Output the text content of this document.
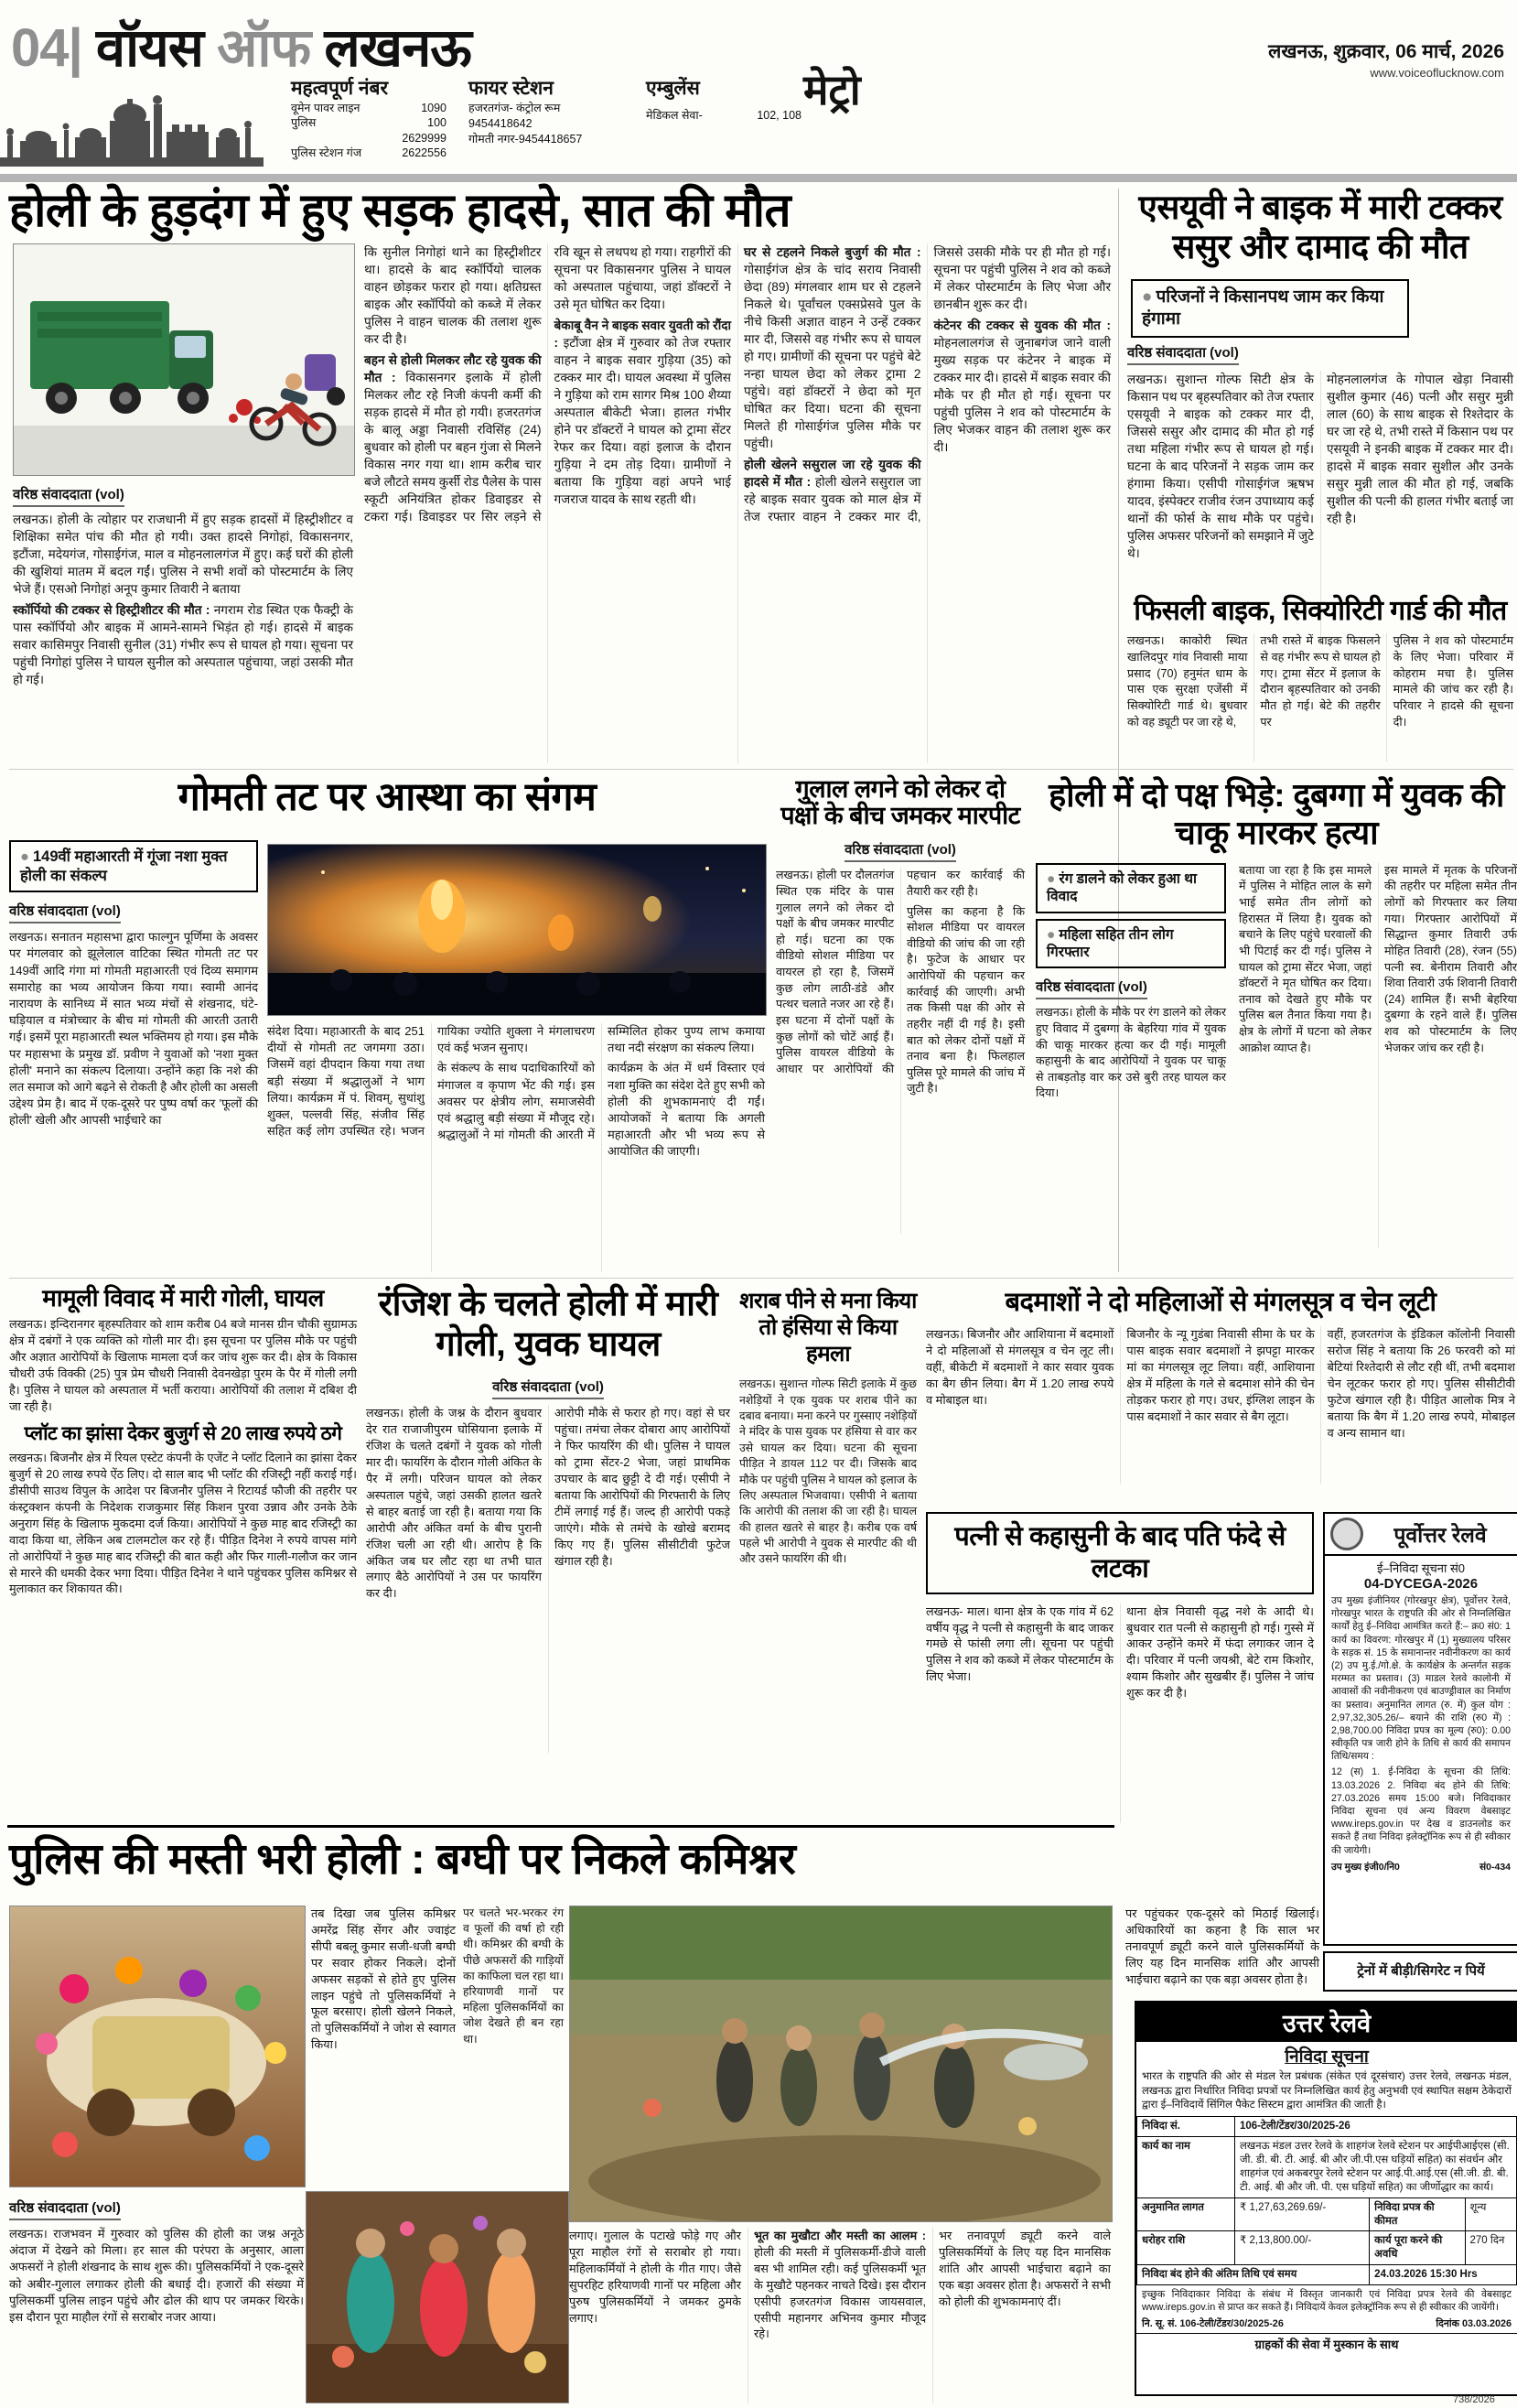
04| वॉयस ऑफ लखनऊ
महत्वपूर्ण नंबर
वूमेन पावर लाइन	1090
पुलिस	100
2629999
पुलिस स्टेशन गंज	2622556
फायर स्टेशन
हजरतगंज- कंट्रोल रूम
9454418642
गोमती नगर-9454418657
एम्बुलेंस
मेडिकल सेवा-	102, 108
मेट्रो
लखनऊ, शुक्रवार, 06 मार्च, 2026
www.voiceoflucknow.com
होली के हुड़दंग में हुए सड़क हादसे, सात की मौत
वरिष्ठ संवाददाता (vol)

लखनऊ। होली के त्योहार पर राजधानी में हुए सड़क हादसों में हिस्ट्रीशीटर व शिक्षिका समेत पांच की मौत हो गयी। उक्त हादसे निगोहां, विकासनगर, इटौंजा, मदेयगंज, गोसाईगंज, माल व मोहनलालगंज में हुए। कई घरों की होली की खुशियां मातम में बदल गईं। पुलिस ने सभी शवों को पोस्टमार्टम के लिए भेजे हैं। एसओ निगोहां अनूप कुमार तिवारी ने बताया

स्कॉर्पियो की टक्कर से हिस्ट्रीशीटर की मौत : नगराम रोड स्थित एक फैक्ट्री के पास स्कॉर्पियो और बाइक में आमने-सामने भिड़ंत हो गई। हादसे में बाइक सवार कासिमपुर निवासी सुनील (31) गंभीर रूप से घायल हो गया। सूचना पर पहुंची निगोहां पुलिस ने घायल सुनील को अस्पताल पहुंचाया, जहां उसकी मौत हो गई।

कि सुनील निगोहां थाने का हिस्ट्रीशीटर था। हादसे के बाद स्कॉर्पियो चालक वाहन छोड़कर फरार हो गया। क्षतिग्रस्त बाइक और स्कॉर्पियो को कब्जे में लेकर पुलिस ने वाहन चालक की तलाश शुरू कर दी है।

बहन से होली मिलकर लौट रहे युवक की मौत : विकासनगर इलाके में होली मिलकर लौट रहे निजी कंपनी कर्मी की सड़क हादसे में मौत हो गयी। हजरतगंज के बालू अड्डा निवासी रविसिंह (24) बुधवार को होली पर बहन गुंजा से मिलने विकास नगर गया था। शाम करीब चार बजे लौटते समय कुर्सी रोड पैलेस के पास स्कूटी अनियंत्रित होकर डिवाइडर से टकरा गई। डिवाइडर पर सिर लड़ने से रवि खून से लथपथ हो गया। राहगीरों की सूचना पर विकासनगर पुलिस ने घायल को अस्पताल पहुंचाया, जहां डॉक्टरों ने उसे मृत घोषित कर दिया।

बेकाबू वैन ने बाइक सवार युवती को रौंदा : इटौंजा क्षेत्र में गुरुवार को तेज रफ्तार वाहन ने बाइक सवार गुड़िया (35) को टक्कर मार दी। घायल अवस्था में पुलिस ने गुड़िया को राम सागर मिश्र 100 शैय्या अस्पताल बीकेटी भेजा। हालत गंभीर होने पर डॉक्टरों ने घायल को ट्रामा सेंटर रेफर कर दिया। वहां इलाज के दौरान गुड़िया ने दम तोड़ दिया। ग्रामीणों ने बताया कि गुड़िया वहां अपने भाई गजराज यादव के साथ रहती थी।

घर से टहलने निकले बुजुर्ग की मौत : गोसाईगंज क्षेत्र के चांद सराय निवासी छेदा (89) मंगलवार शाम घर से टहलने निकले थे। पूर्वांचल एक्सप्रेसवे पुल के नीचे किसी अज्ञात वाहन ने उन्हें टक्कर मार दी, जिससे वह गंभीर रूप से घायल हो गए। ग्रामीणों की सूचना पर पहुंचे बेटे नन्हा घायल छेदा को लेकर ट्रामा 2 पहुंचे। वहां डॉक्टरों ने छेदा को मृत घोषित कर दिया। घटना की सूचना मिलते ही गोसाईगंज पुलिस मौके पर पहुंची।

होली खेलने ससुराल जा रहे युवक की हादसे में मौत : होली खेलने ससुराल जा रहे बाइक सवार युवक को माल क्षेत्र में तेज रफ्तार वाहन ने टक्कर मार दी, जिससे उसकी मौके पर ही मौत हो गई। सूचना पर पहुंची पुलिस ने शव को कब्जे में लेकर पोस्टमार्टम के लिए भेजा और छानबीन शुरू कर दी।

कंटेनर की टक्कर से युवक की मौत : मोहनलालगंज से जुनाबगंज जाने वाली मुख्य सड़क पर कंटेनर ने बाइक में टक्कर मार दी। हादसे में बाइक सवार की मौके पर ही मौत हो गई। सूचना पर पहुंची पुलिस ने शव को पोस्टमार्टम के लिए भेजकर वाहन की तलाश शुरू कर दी।

एसयूवी ने बाइक में मारी टक्कर ससुर और दामाद की मौत
● परिजनों ने किसानपथ जाम कर किया हंगामा
वरिष्ठ संवाददाता (vol)

लखनऊ। सुशान्त गोल्फ सिटी क्षेत्र के किसान पथ पर बृहस्पतिवार को तेज रफ्तार एसयूवी ने बाइक को टक्कर मार दी, जिससे ससुर और दामाद की मौत हो गई तथा महिला गंभीर रूप से घायल हो गई। घटना के बाद परिजनों ने सड़क जाम कर हंगामा किया। एसीपी गोसाईगंज ऋषभ यादव, इंस्पेक्टर राजीव रंजन उपाध्याय कई थानों की फोर्स के साथ मौके पर पहुंचे। पुलिस अफसर परिजनों को समझाने में जुटे थे।

मोहनलालगंज के गोपाल खेड़ा निवासी सुशील कुमार (46) पत्नी और ससुर मुन्नी लाल (60) के साथ बाइक से रिश्तेदार के घर जा रहे थे, तभी रास्ते में किसान पथ पर एसयूवी ने इनकी बाइक में टक्कर मार दी। हादसे में बाइक सवार सुशील और उनके ससुर मुन्नी लाल की मौत हो गई, जबकि सुशील की पत्नी की हालत गंभीर बताई जा रही है।

फिसली बाइक, सिक्योरिटी गार्ड की मौत

लखनऊ। काकोरी स्थित खालिदपुर गांव निवासी माया प्रसाद (70) हनुमंत धाम के पास एक सुरक्षा एजेंसी में सिक्योरिटी गार्ड थे। बुधवार को वह ड्यूटी पर जा रहे थे,

तभी रास्ते में बाइक फिसलने से वह गंभीर रूप से घायल हो गए। ट्रामा सेंटर में इलाज के दौरान बृहस्पतिवार को उनकी मौत हो गई। बेटे की तहरीर पर

पुलिस ने शव को पोस्टमार्टम के लिए भेजा। परिवार में कोहराम मचा है। पुलिस मामले की जांच कर रही है। परिवार ने हादसे की सूचना दी।

गोमती तट पर आस्था का संगम
● 149वीं महाआरती में गूंजा नशा मुक्त होली का संकल्प
वरिष्ठ संवाददाता (vol)
लखनऊ। सनातन महासभा द्वारा फाल्गुन पूर्णिमा के अवसर पर मंगलवार को झूलेलाल वाटिका स्थित गोमती तट पर 149वीं आदि गंगा मां गोमती महाआरती एवं दिव्य समागम समारोह का भव्य आयोजन किया गया। स्वामी आनंद नारायण के सानिध्य में सात भव्य मंचों से शंखनाद, घंटे-घड़ियाल व मंत्रोच्चार के बीच मां गोमती की आरती उतारी गई। इसमें पूरा महाआरती स्थल भक्तिमय हो गया। इस मौके पर महासभा के प्रमुख डॉ. प्रवीण ने युवाओं को 'नशा मुक्त होली' मनाने का संकल्प दिलाया। उन्होंने कहा कि नशे की लत समाज को आगे बढ़ने से रोकती है और होली का असली उद्देश्य प्रेम है। बाद में एक-दूसरे पर पुष्प वर्षा कर 'फूलों की होली' खेली और आपसी भाईचारे का

संदेश दिया। महाआरती के बाद 251 दीयों से गोमती तट जगमगा उठा। जिसमें वहां दीपदान किया गया तथा बड़ी संख्या में श्रद्धालुओं ने भाग लिया। कार्यक्रम में पं. शिवम्, सुधांशु शुक्ल, पल्लवी सिंह, संजीव सिंह सहित कई लोग उपस्थित रहे। भजन गायिका ज्योति शुक्ला ने मंगलाचरण एवं कई भजन सुनाए।

के संकल्प के साथ पदाधिकारियों को मंगाजल व कृपाण भेंट की गई। इस अवसर पर क्षेत्रीय लोग, समाजसेवी एवं श्रद्धालु बड़ी संख्या में मौजूद रहे। श्रद्धालुओं ने मां गोमती की आरती में सम्मिलित होकर पुण्य लाभ कमाया तथा नदी संरक्षण का संकल्प लिया।

कार्यक्रम के अंत में धर्म विस्तार एवं नशा मुक्ति का संदेश देते हुए सभी को होली की शुभकामनाएं दी गईं। आयोजकों ने बताया कि अगली महाआरती और भी भव्य रूप से आयोजित की जाएगी।

गुलाल लगने को लेकर दो पक्षों के बीच जमकर मारपीट
वरिष्ठ संवाददाता (vol)

लखनऊ। होली पर दौलतगंज स्थित एक मंदिर के पास गुलाल लगने को लेकर दो पक्षों के बीच जमकर मारपीट हो गई। घटना का एक वीडियो सोशल मीडिया पर वायरल हो रहा है, जिसमें कुछ लोग लाठी-डंडे और पत्थर चलाते नजर आ रहे हैं। इस घटना में दोनों पक्षों के कुछ लोगों को चोटें आई हैं। पुलिस वायरल वीडियो के आधार पर आरोपियों की पहचान कर कार्रवाई की तैयारी कर रही है।

पुलिस का कहना है कि सोशल मीडिया पर वायरल वीडियो की जांच की जा रही है। फुटेज के आधार पर आरोपियों की पहचान कर कार्रवाई की जाएगी। अभी तक किसी पक्ष की ओर से तहरीर नहीं दी गई है। इसी बात को लेकर दोनों पक्षों में तनाव बना है। फिलहाल पुलिस पूरे मामले की जांच में जुटी है।

होली में दो पक्ष भिड़े: दुबग्गा में युवक की चाकू मारकर हत्या
● रंग डालने को लेकर हुआ था विवाद
● महिला सहित तीन लोग गिरफ्तार
वरिष्ठ संवाददाता (vol)
लखनऊ। होली के मौके पर रंग डालने को लेकर हुए विवाद में दुबग्गा के बेहरिया गांव में युवक की चाकू मारकर हत्या कर दी गई। मामूली कहासुनी के बाद आरोपियों ने युवक पर चाकू से ताबड़तोड़ वार कर उसे बुरी तरह घायल कर दिया।

बताया जा रहा है कि इस मामले में पुलिस ने मोहित लाल के सगे भाई समेत तीन लोगों को हिरासत में लिया है। युवक को बचाने के लिए पहुंचे घरवालों की भी पिटाई कर दी गई। पुलिस ने घायल को ट्रामा सेंटर भेजा, जहां डॉक्टरों ने मृत घोषित कर दिया। तनाव को देखते हुए मौके पर पुलिस बल तैनात किया गया है। क्षेत्र के लोगों में घटना को लेकर आक्रोश व्याप्त है।

इस मामले में मृतक के परिजनों की तहरीर पर महिला समेत तीन लोगों को गिरफ्तार कर लिया गया। गिरफ्तार आरोपियों में सिद्धान्त कुमार तिवारी उर्फ मोहित तिवारी (28), रंजन (55) पत्नी स्व. बेनीराम तिवारी और शिवा तिवारी उर्फ शिवानी तिवारी (24) शामिल हैं। सभी बेहरिया दुबग्गा के रहने वाले हैं। पुलिस शव को पोस्टमार्टम के लिए भेजकर जांच कर रही है।

मामूली विवाद में मारी गोली, घायल
लखनऊ। इन्दिरानगर बृहस्पतिवार को शाम करीब 04 बजे मानस ग्रीन चौकी सुग्रामऊ क्षेत्र में दबंगों ने एक व्यक्ति को गोली मार दी। इस सूचना पर पुलिस मौके पर पहुंची और अज्ञात आरोपियों के खिलाफ मामला दर्ज कर जांच शुरू कर दी। क्षेत्र के विकास चौधरी उर्फ विक्की (25) पुत्र प्रेम चौधरी निवासी देवनखेड़ा पुरम के पैर में गोली लगी है। पुलिस ने घायल को अस्पताल में भर्ती कराया। आरोपियों की तलाश में दबिश दी जा रही है।
प्लॉट का झांसा देकर बुजुर्ग से 20 लाख रुपये ठगे
लखनऊ। बिजनौर क्षेत्र में रियल एस्टेट कंपनी के एजेंट ने प्लॉट दिलाने का झांसा देकर बुजुर्ग से 20 लाख रुपये ऐंठ लिए। दो साल बाद भी प्लॉट की रजिस्ट्री नहीं कराई गई। डीसीपी साउथ विपुल के आदेश पर बिजनौर पुलिस ने रिटायर्ड फौजी की तहरीर पर कंस्ट्रक्शन कंपनी के निदेशक राजकुमार सिंह किशन पुरवा उन्नाव और उनके ठेके अनुराग सिंह के खिलाफ मुकदमा दर्ज किया। आरोपियों ने कुछ माह बाद रजिस्ट्री का वादा किया था, लेकिन अब टालमटोल कर रहे हैं। पीड़ित दिनेश ने रुपये वापस मांगे तो आरोपियों ने कुछ माह बाद रजिस्ट्री की बात कही और फिर गाली-गलौज कर जान से मारने की धमकी देकर भगा दिया। पीड़ित दिनेश ने थाने पहुंचकर पुलिस कमिश्नर से मुलाकात कर शिकायत की।
रंजिश के चलते होली में मारी गोली, युवक घायल
वरिष्ठ संवाददाता (vol)

लखनऊ। होली के जश्न के दौरान बुधवार देर रात राजाजीपुरम घोसियाना इलाके में रंजिश के चलते दबंगों ने युवक को गोली मार दी। फायरिंग के दौरान गोली अंकित के पैर में लगी। परिजन घायल को लेकर अस्पताल पहुंचे, जहां उसकी हालत खतरे से बाहर बताई जा रही है। बताया गया कि आरोपी और अंकित वर्मा के बीच पुरानी रंजिश चली आ रही थी। आरोप है कि अंकित जब घर लौट रहा था तभी घात लगाए बैठे आरोपियों ने उस पर फायरिंग कर दी।

आरोपी मौके से फरार हो गए। वहां से घर पहुंचा। तमंचा लेकर दोबारा आए आरोपियों ने फिर फायरिंग की थी। पुलिस ने घायल को ट्रामा सेंटर-2 भेजा, जहां प्राथमिक उपचार के बाद छुट्टी दे दी गई। एसीपी ने बताया कि आरोपियों की गिरफ्तारी के लिए टीमें लगाई गई हैं। जल्द ही आरोपी पकड़े जाएंगे। मौके से तमंचे के खोखे बरामद किए गए हैं। पुलिस सीसीटीवी फुटेज खंगाल रही है।

शराब पीने से मना किया तो हंसिया से किया हमला
लखनऊ। सुशान्त गोल्फ सिटी इलाके में कुछ नशेड़ियों ने एक युवक पर शराब पीने का दबाव बनाया। मना करने पर गुस्साए नशेड़ियों ने मंदिर के पास युवक पर हंसिया से वार कर उसे घायल कर दिया। घटना की सूचना पीड़ित ने डायल 112 पर दी। जिसके बाद मौके पर पहुंची पुलिस ने घायल को इलाज के लिए अस्पताल भिजवाया। एसीपी ने बताया कि आरोपी की तलाश की जा रही है। घायल की हालत खतरे से बाहर है। करीब एक वर्ष पहले भी आरोपी ने युवक से मारपीट की थी और उसने फायरिंग की थी।
बदमाशों ने दो महिलाओं से मंगलसूत्र व चेन लूटी

लखनऊ। बिजनौर और आशियाना में बदमाशों ने दो महिलाओं से मंगलसूत्र व चेन लूट ली। वहीं, बीकेटी में बदमाशों ने कार सवार युवक का बैग छीन लिया। बैग में 1.20 लाख रुपये व मोबाइल था।

बिजनौर के न्यू गुडंबा निवासी सीमा के घर के पास बाइक सवार बदमाशों ने झपट्टा मारकर मां का मंगलसूत्र लूट लिया। वहीं, आशियाना क्षेत्र में महिला के गले से बदमाश सोने की चेन तोड़कर फरार हो गए। उधर, इंग्लिश लाइन के पास बदमाशों ने कार सवार से बैग लूटा।

वहीं, हजरतगंज के इंडिकल कॉलोनी निवासी सरोज सिंह ने बताया कि 26 फरवरी को मां बेटियां रिश्तेदारी से लौट रही थीं, तभी बदमाश चेन लूटकर फरार हो गए। पुलिस सीसीटीवी फुटेज खंगाल रही है। पीड़ित आलोक मित्र ने बताया कि बैग में 1.20 लाख रुपये, मोबाइल व अन्य सामान था।

पत्नी से कहासुनी के बाद पति फंदे से लटका

लखनऊ- माल। थाना क्षेत्र के एक गांव में 62 वर्षीय वृद्ध ने पत्नी से कहासुनी के बाद जाकर गमछे से फांसी लगा ली। सूचना पर पहुंची पुलिस ने शव को कब्जे में लेकर पोस्टमार्टम के लिए भेजा।

थाना क्षेत्र निवासी वृद्ध नशे के आदी थे। बुधवार रात पत्नी से कहासुनी हो गई। गुस्से में आकर उन्होंने कमरे में फंदा लगाकर जान दे दी। परिवार में पत्नी जयश्री, बेटे राम किशोर, श्याम किशोर और सुखबीर हैं। पुलिस ने जांच शुरू कर दी है।

पूर्वोत्तर रेलवे
ई–निविदा सूचना सं0
04-DYCEGA-2026
उप मुख्य इंजीनियर (गोरखपुर क्षेत्र), पूर्वोत्तर रेलवे, गोरखपुर भारत के राष्ट्रपति की ओर से निम्नलिखित कार्यों हेतु ई–निविदा आमंत्रित करते हैं:– क्र0 सं0: 1 कार्य का विवरण: गोरखपुर में (1) मुख्यालय परिसर के सड़क सं. 15 के समानान्तर नवीनीकरण का कार्य (2) उप मु.ई./गो.क्षे. के कार्यक्षेत्र के अन्तर्गत सड़क मरम्मत का प्रस्ताव। (3) माडल रेलवे कालोनी में आवासों की नवीनीकरण एवं बाउण्ड्रीवाल का निर्माण का प्रस्ताव। अनुमानित लागत (रु. में) कुल योग : 2,97,32,305.26/– बयाने की राशि (रु0 में) : 2,98,700.00 निविदा प्रपत्र का मूल्य (रु0): 0.00 स्वीकृति पत्र जारी होने के तिथि से कार्य की समापन तिथि/समय :
12 (स) 1. ई-निविदा के सूचना की तिथि: 13.03.2026 2. निविदा बंद होने की तिथि: 27.03.2026 समय 15:00 बजे। निविदाकार निविदा सूचना एवं अन्य विवरण वेबसाइट www.ireps.gov.in पर देख व डाउनलोड कर सकते हैं तथा निविदा इलेक्ट्रॉनिक रूप से ही स्वीकार की जायेगी।
उप मुख्य इंजी0/नि0	सं0-434
ट्रेनों में बीड़ी/सिगरेट न पियें
पुलिस की मस्ती भरी होली : बग्घी पर निकले कमिश्नर
वरिष्ठ संवाददाता (vol)
लखनऊ। राजभवन में गुरुवार को पुलिस की होली का जश्न अनूठे अंदाज में देखने को मिला। हर साल की परंपरा के अनुसार, आला अफसरों ने होली शंखनाद के साथ शुरू की। पुलिसकर्मियों ने एक-दूसरे को अबीर-गुलाल लगाकर होली की बधाई दी। हजारों की संख्या में पुलिसकर्मी पुलिस लाइन पहुंचे और ढोल की थाप पर जमकर थिरके। इस दौरान पूरा माहौल रंगों से सराबोर नजर आया।
तब दिखा जब पुलिस कमिश्नर अमरेंद्र सिंह सेंगर और ज्वाइंट सीपी बबलू कुमार सजी-धजी बग्घी पर सवार होकर निकले। दोनों अफसर सड़कों से होते हुए पुलिस लाइन पहुंचे तो पुलिसकर्मियों ने फूल बरसाए। होली खेलने निकले, तो पुलिसकर्मियों ने जोश से स्वागत किया।
पर चलते भर-भरकर रंग व फूलों की वर्षा हो रही थी। कमिश्नर की बग्घी के पीछे अफसरों की गाड़ियों का काफिला चल रहा था। हरियाणवी गानों पर महिला पुलिसकर्मियों का जोश देखते ही बन रहा था।

लगाए। गुलाल के पटाखे फोड़े गए और पूरा माहौल रंगों से सराबोर हो गया। महिलाकर्मियों ने होली के गीत गाए। जैसे सुपरहिट हरियाणवी गानों पर महिला और पुरुष पुलिसकर्मियों ने जमकर ठुमके लगाए।

भूत का मुखौटा और मस्ती का आलम : होली की मस्ती में पुलिसकर्मी-डीजे वाली बस भी शामिल रही। कई पुलिसकर्मी भूत के मुखौटे पहनकर नाचते दिखे। इस दौरान एसीपी हजरतगंज विकास जायसवाल, एसीपी महानगर अभिनव कुमार मौजूद रहे।

भर तनावपूर्ण ड्यूटी करने वाले पुलिसकर्मियों के लिए यह दिन मानसिक शांति और आपसी भाईचारा बढ़ाने का एक बड़ा अवसर होता है। अफसरों ने सभी को होली की शुभकामनाएं दीं।

पर पहुंचकर एक-दूसरे को मिठाई खिलाई। अधिकारियों का कहना है कि साल भर तनावपूर्ण ड्यूटी करने वाले पुलिसकर्मियों के लिए यह दिन मानसिक शांति और आपसी भाईचारा बढ़ाने का एक बड़ा अवसर होता है।
उत्तर रेलवे
निविदा सूचना
भारत के राष्ट्रपति की ओर से मंडल रेल प्रबंधक (संकेत एवं दूरसंचार) उत्तर रेलवे, लखनऊ मंडल, लखनऊ द्वारा निर्धारित निविदा प्रपत्रों पर निम्नलिखित कार्य हेतु अनुभवी एवं स्थापित सक्षम ठेकेदारों द्वारा ई–निविदायें सिंगिल पैकेट सिस्टम द्वारा आमंत्रित की जाती है।
निविदा सं.	106-टेली/टेंडर/30/2025-26		
कार्य का नाम	लखनऊ मंडल उत्तर रेलवे के शाहगंज रेलवे स्टेशन पर आईपीआईएस (सी. जी. डी. बी. टी. आई. बी और जी.पी.एस घड़ियों सहित) का संवर्धन और शाहगंज एवं अकबरपुर रेलवे स्टेशन पर आई.पी.आई.एस (सी.जी. डी. बी. टी. आई. बी और जी. पी. एस घड़ियों सहित) का जीर्णोद्धार का कार्य।		
अनुमानित लागत	₹ 1,27,63,269.69/-	निविदा प्रपत्र की कीमत	शून्य
धरोहर राशि	₹ 2,13,800.00/-	कार्य पूरा करने की अवधि	270 दिन
निविदा बंद होने की अंतिम तिथि एवं समय		24.03.2026 15:30 Hrs	
इच्छुक निविदाकार निविदा के संबंध में विस्तृत जानकारी एवं निविदा प्रपत्र रेलवे की वेबसाइट www.ireps.gov.in से प्राप्त कर सकते हैं। निविदायें केवल इलेक्ट्रॉनिक रूप से ही स्वीकार की जायेंगी।
नि. सू. सं. 106-टेली/टेंडर/30/2025-26	दिनांक 03.03.2026
ग्राहकों की सेवा में मुस्कान के साथ
738/2026
